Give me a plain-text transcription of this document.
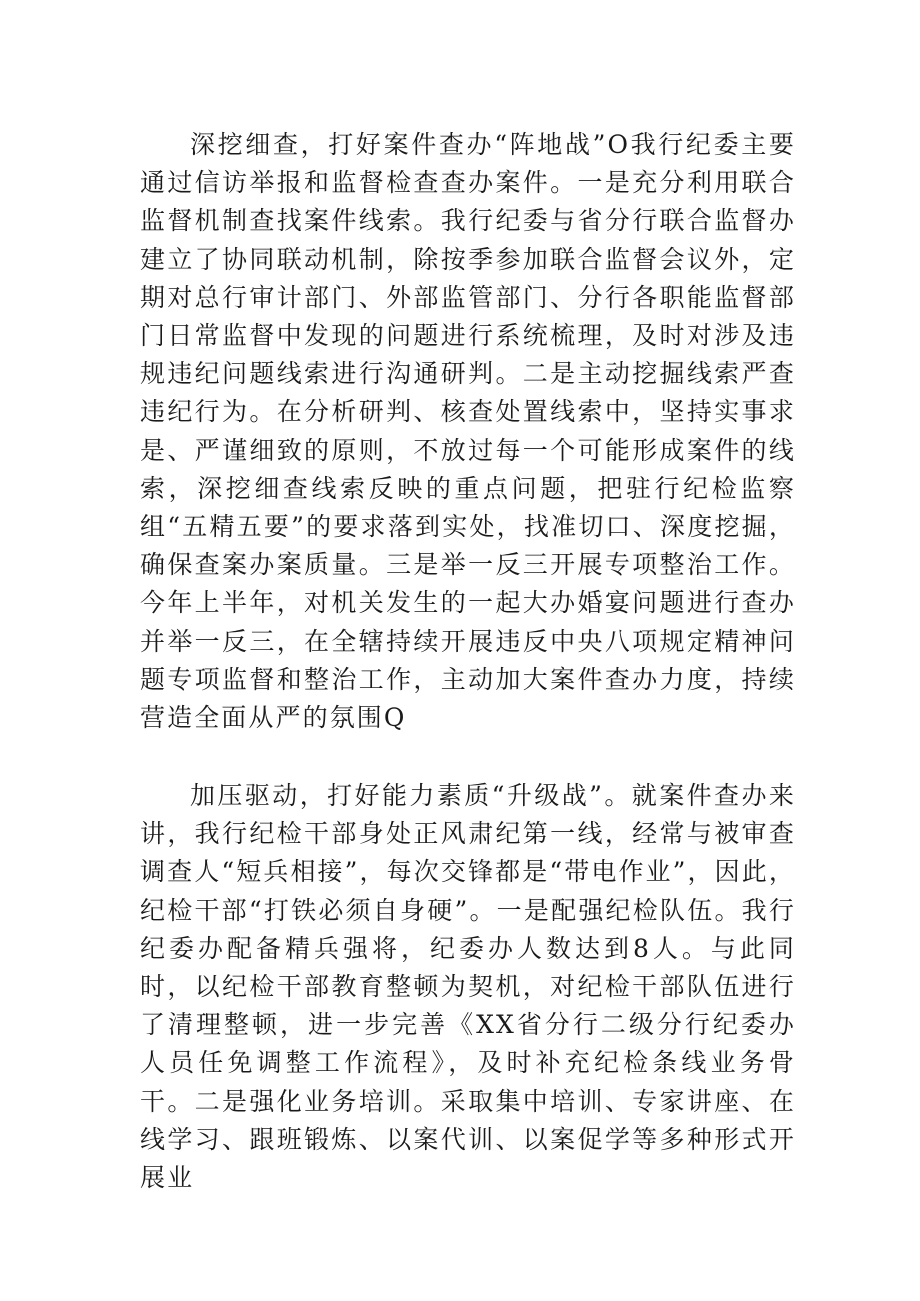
深挖细查，打好案件查办“阵地战”O我行纪委主要通过信访举报和监督检查查办案件。一是充分利用联合监督机制查找案件线索。我行纪委与省分行联合监督办建立了协同联动机制，除按季参加联合监督会议外，定期对总行审计部门、外部监管部门、分行各职能监督部门日常监督中发现的问题进行系统梳理，及时对涉及违规违纪问题线索进行沟通研判。二是主动挖掘线索严查违纪行为。在分析研判、核查处置线索中，坚持实事求是、严谨细致的原则，不放过每一个可能形成案件的线索，深挖细查线索反映的重点问题，把驻行纪检监察组“五精五要”的要求落到实处，找准切口、深度挖掘，确保查案办案质量。三是举一反三开展专项整治工作。今年上半年，对机关发生的一起大办婚宴问题进行查办并举一反三，在全辖持续开展违反中央八项规定精神问题专项监督和整治工作，主动加大案件查办力度，持续营造全面从严的氛围Q

加压驱动，打好能力素质“升级战”。就案件查办来讲，我行纪检干部身处正风肃纪第一线，经常与被审查调查人“短兵相接”，每次交锋都是“带电作业”，因此，纪检干部“打铁必须自身硬”。一是配强纪检队伍。我行纪委办配备精兵强将，纪委办人数达到8人。与此同时，以纪检干部教育整顿为契机，对纪检干部队伍进行了清理整顿，进一步完善《XX省分行二级分行纪委办人员任免调整工作流程》，及时补充纪检条线业务骨干。二是强化业务培训。采取集中培训、专家讲座、在线学习、跟班锻炼、以案代训、以案促学等多种形式开展业
